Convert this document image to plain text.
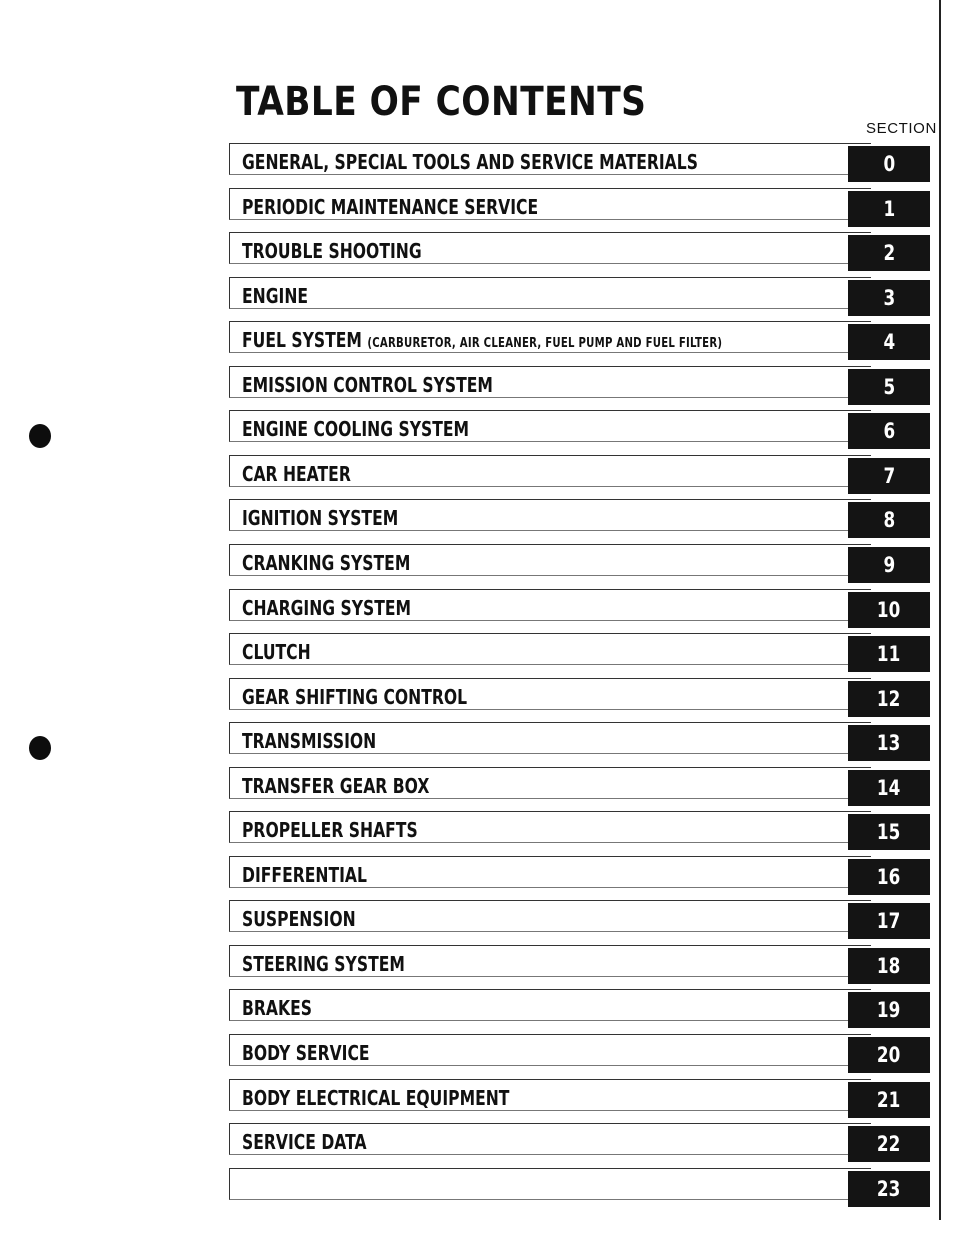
TABLE OF CONTENTS
SECTION
GENERAL, SPECIAL TOOLS AND SERVICE MATERIALS	0
PERIODIC MAINTENANCE SERVICE	1
TROUBLE SHOOTING	2
ENGINE	3
FUEL SYSTEM (CARBURETOR, AIR CLEANER, FUEL PUMP AND FUEL FILTER)	4
EMISSION CONTROL SYSTEM	5
ENGINE COOLING SYSTEM	6
CAR HEATER	7
IGNITION SYSTEM	8
CRANKING SYSTEM	9
CHARGING SYSTEM	10
CLUTCH	11
GEAR SHIFTING CONTROL	12
TRANSMISSION	13
TRANSFER GEAR BOX	14
PROPELLER SHAFTS	15
DIFFERENTIAL	16
SUSPENSION	17
STEERING SYSTEM	18
BRAKES	19
BODY SERVICE	20
BODY ELECTRICAL EQUIPMENT	21
SERVICE DATA	22
23
